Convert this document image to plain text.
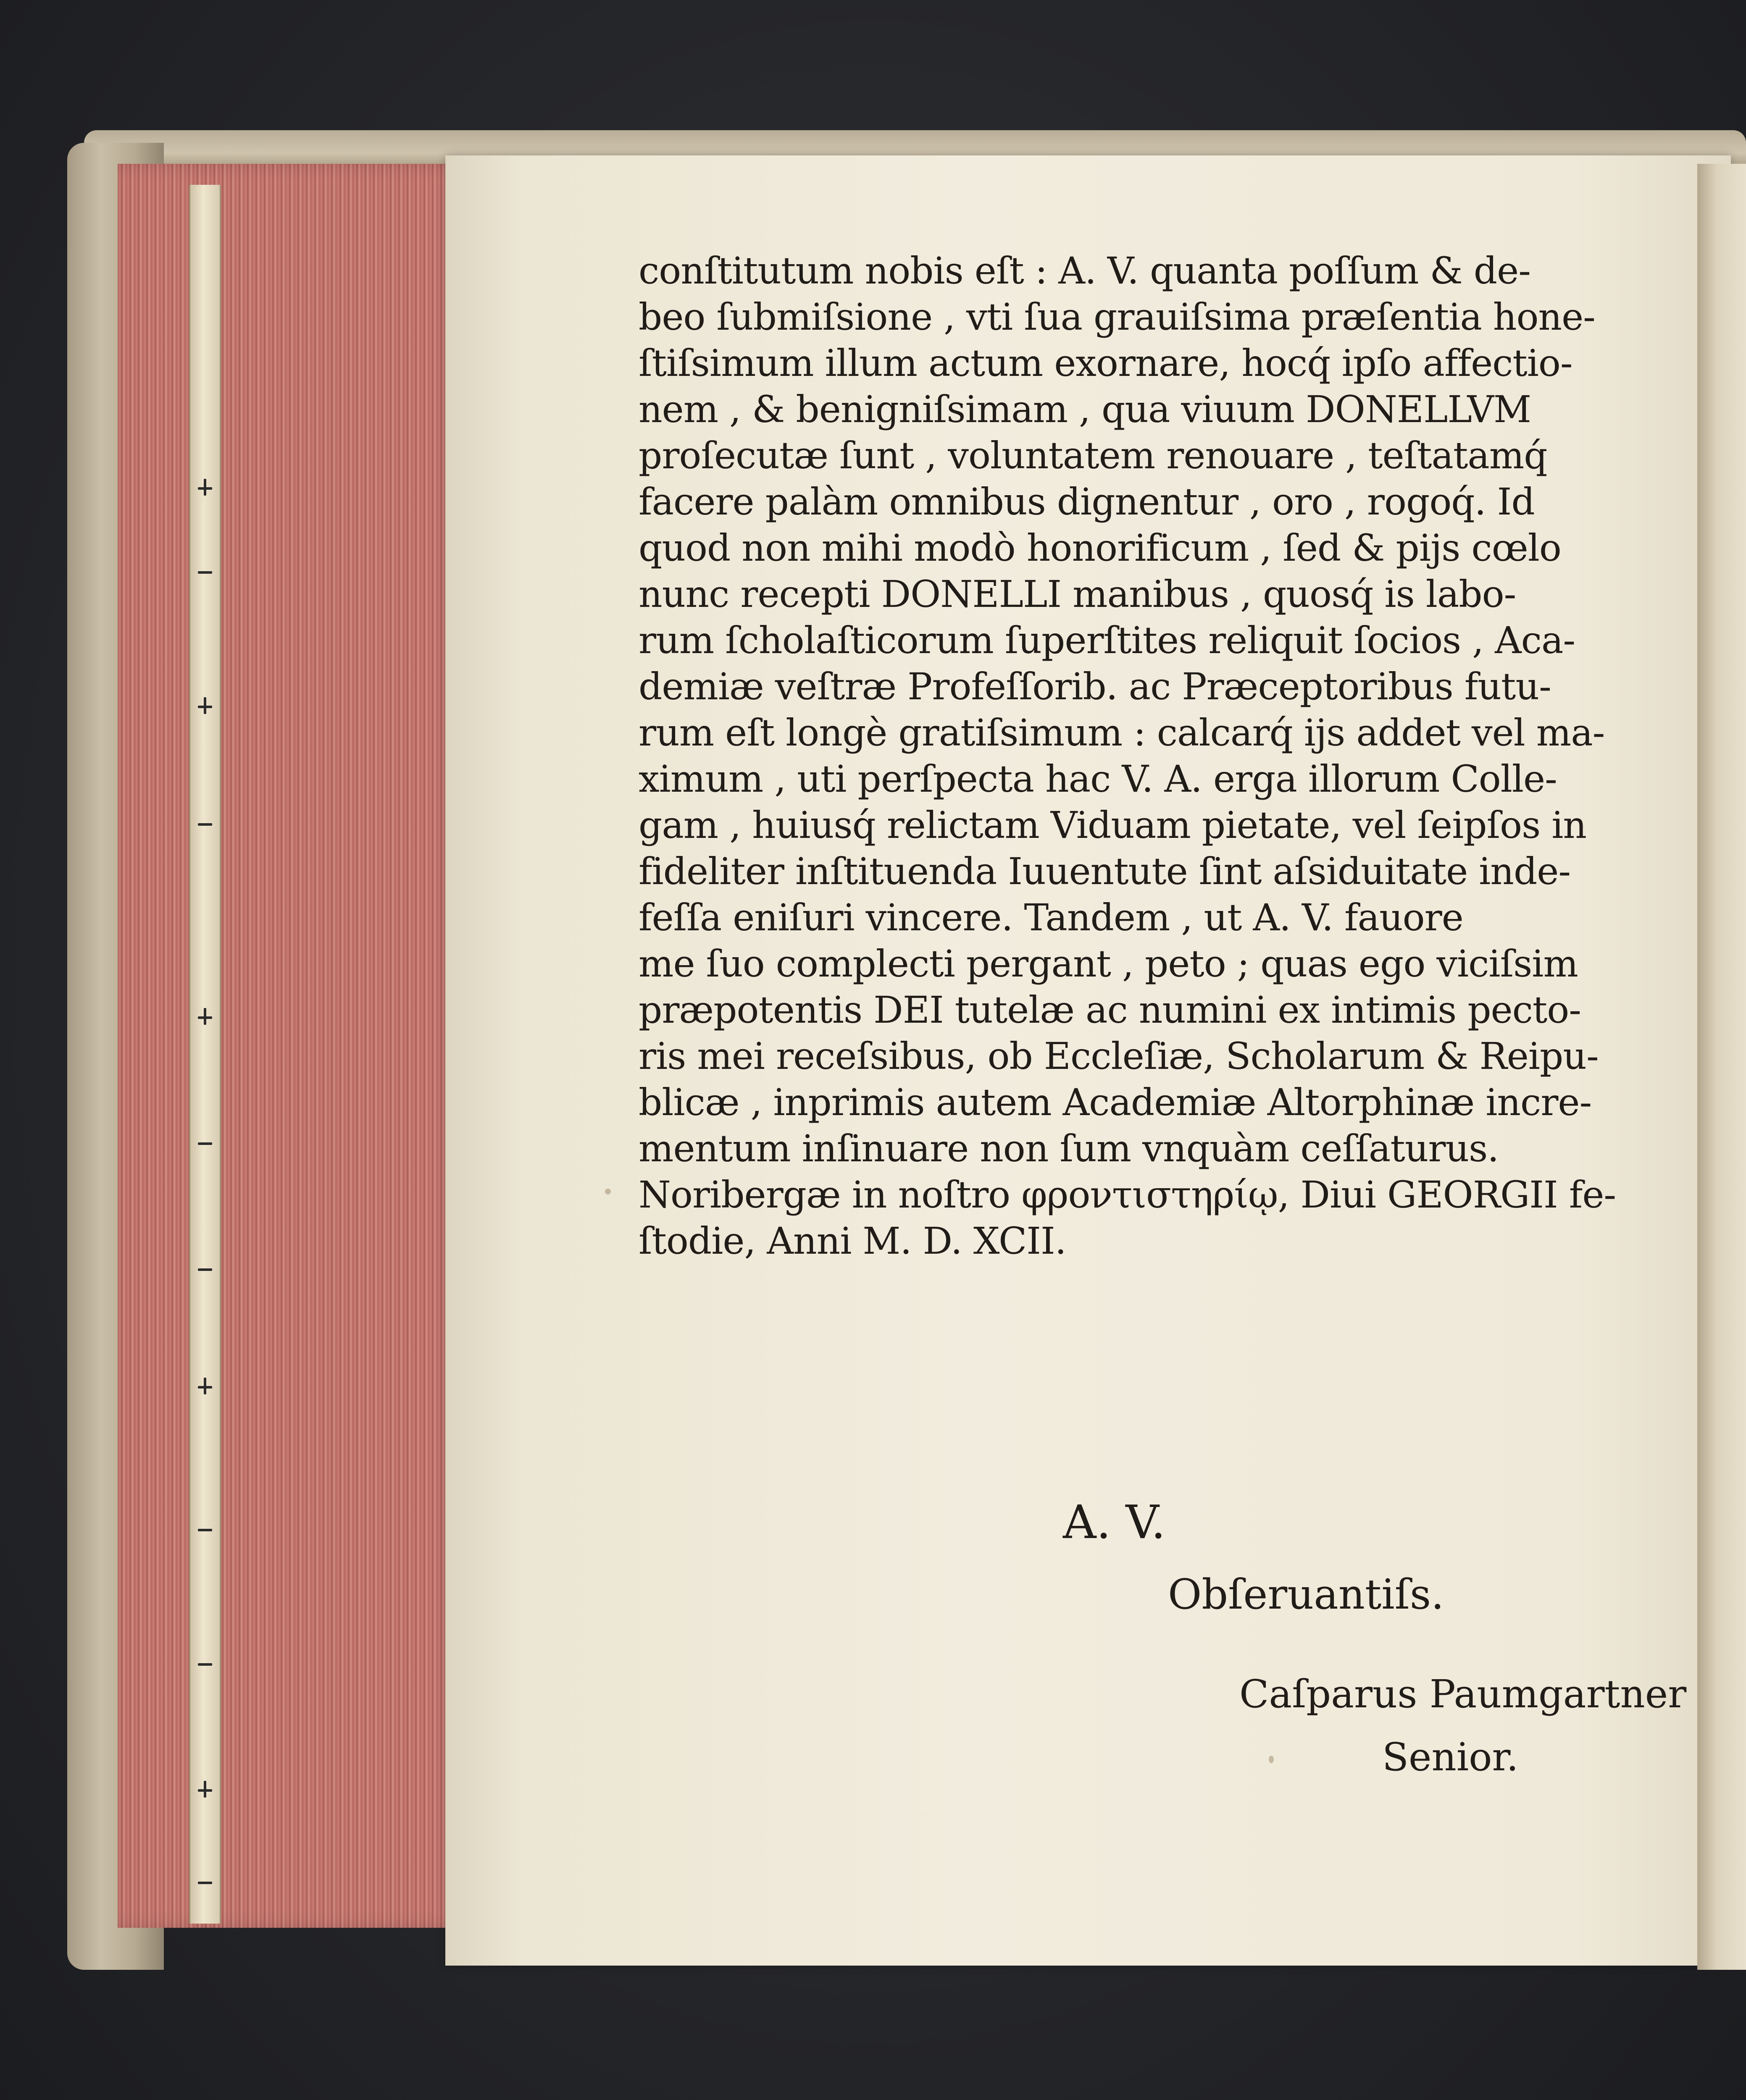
conſtitutum nobis eſt : A. V. quanta poſſum & de-
beo ſubmiſsione , vti ſua grauiſsima præſentia hone-
ſtiſsimum illum actum exornare, hocq́ ipſo affectio-
nem , & benigniſsimam , qua viuum DONELLVM
proſecutæ ſunt , voluntatem renouare , teſtatamq́
facere palàm omnibus dignentur , oro , rogoq́. Id
quod non mihi modò honorificum , ſed & pijs cœlo
nunc recepti DONELLI manibus , quosq́ is labo-
rum ſcholaſticorum ſuperſtites reliquit ſocios , Aca-
demiæ veſtræ Profeſſorib. ac Præceptoribus futu-
rum eſt longè gratiſsimum : calcarq́ ijs addet vel ma-
ximum , uti perſpecta hac V. A. erga illorum Colle-
gam , huiusq́ relictam Viduam pietate, vel ſeipſos in
fideliter inſtituenda Iuuentute ſint aſsiduitate inde-
feſſa eniſuri vincere. Tandem , ut A. V. fauore
me ſuo complecti pergant , peto ; quas ego viciſsim
præpotentis DEI tutelæ ac numini ex intimis pecto-
ris mei receſsibus, ob Eccleſiæ, Scholarum & Reipu-
blicæ , inprimis autem Academiæ Altorphinæ incre-
mentum inſinuare non ſum vnquàm ceſſaturus.
Noribergæ in noſtro φροντιστηρίῳ, Diui GEORGII fe-
ſtodie, Anni M. D. XCII.
A. V.
Obſeruantiſs.
Caſparus Paumgartner
Senior.
